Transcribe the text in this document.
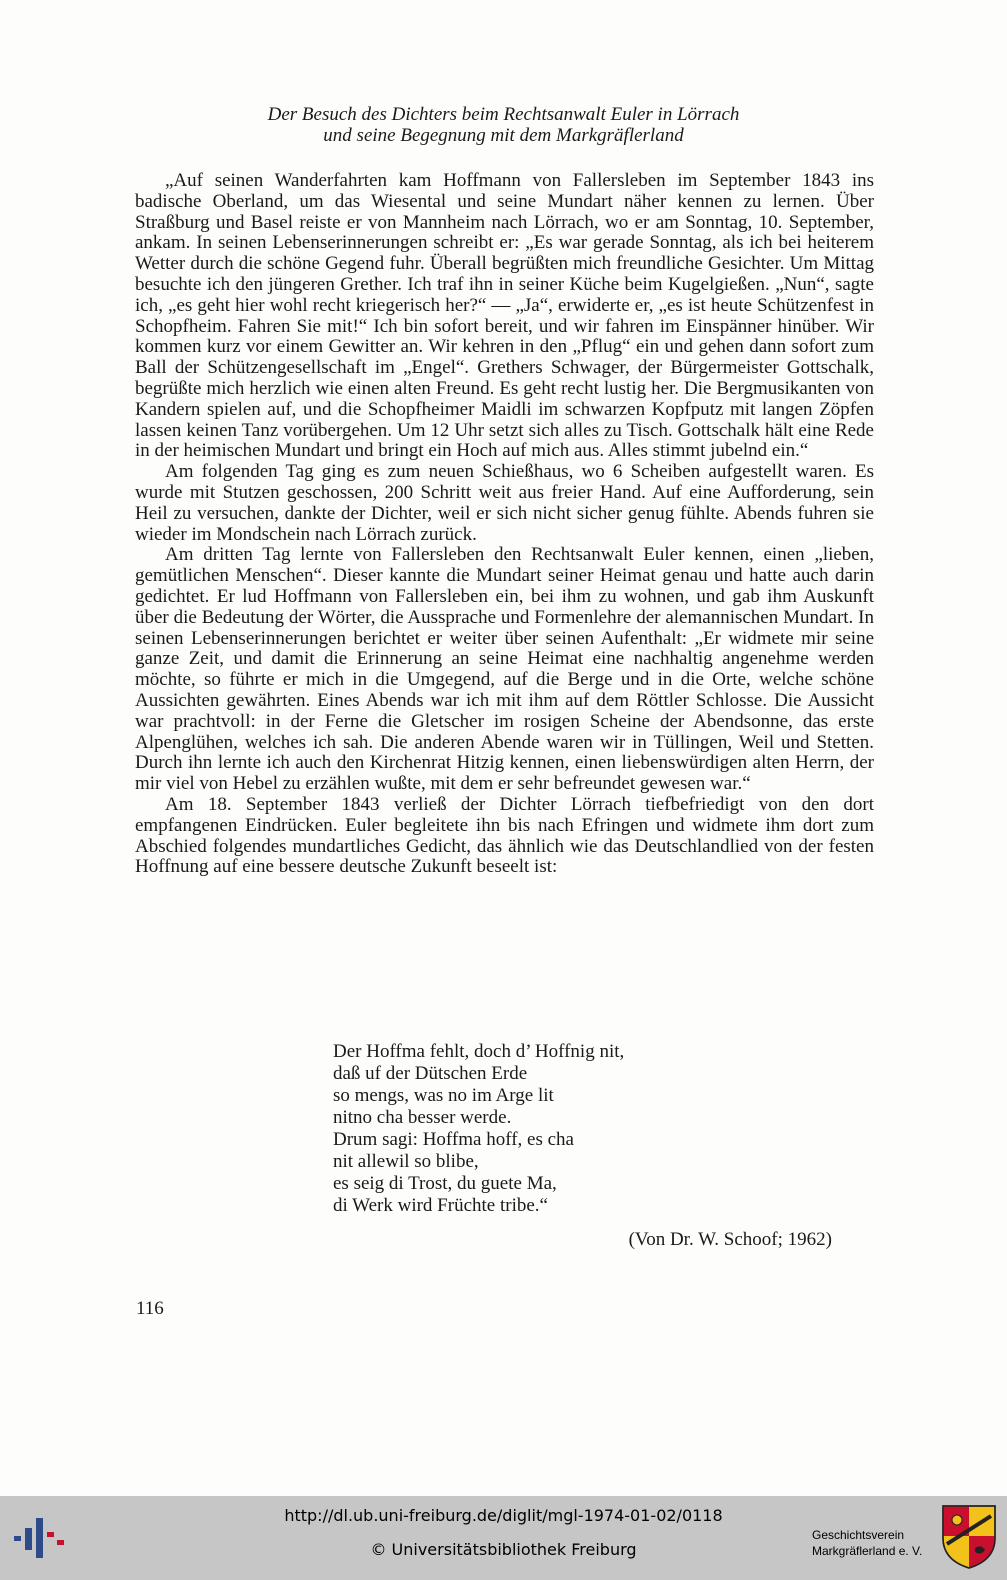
Der Besuch des Dichters beim Rechtsanwalt Euler in Lörrach
und seine Begegnung mit dem Markgräflerland

„Auf seinen Wanderfahrten kam Hoffmann von Fallersleben im September 1843 ins badische Oberland, um das Wiesental und seine Mundart näher kennen zu lernen. Über Straßburg und Basel reiste er von Mannheim nach Lörrach, wo er am Sonntag, 10. September, ankam. In seinen Lebenserinnerungen schreibt er: „Es war gerade Sonntag, als ich bei heiterem Wetter durch die schöne Gegend fuhr. Überall begrüßten mich freundliche Gesichter. Um Mittag besuchte ich den jüngeren Grether. Ich traf ihn in seiner Küche beim Kugelgießen. „Nun“, sagte ich, „es geht hier wohl recht kriegerisch her?“ — „Ja“, erwiderte er, „es ist heute Schützenfest in Schopfheim. Fahren Sie mit!“ Ich bin sofort bereit, und wir fahren im Einspänner hinüber. Wir kommen kurz vor einem Gewitter an. Wir kehren in den „Pflug“ ein und gehen dann sofort zum Ball der Schützengesellschaft im „Engel“. Grethers Schwager, der Bürgermeister Gottschalk, begrüßte mich herzlich wie einen alten Freund. Es geht recht lustig her. Die Bergmusikanten von Kandern spielen auf, und die Schopfheimer Maidli im schwarzen Kopfputz mit langen Zöpfen lassen keinen Tanz vorübergehen. Um 12 Uhr setzt sich alles zu Tisch. Gottschalk hält eine Rede in der heimischen Mundart und bringt ein Hoch auf mich aus. Alles stimmt jubelnd ein.“

Am folgenden Tag ging es zum neuen Schießhaus, wo 6 Scheiben aufgestellt waren. Es wurde mit Stutzen geschossen, 200 Schritt weit aus freier Hand. Auf eine Aufforderung, sein Heil zu versuchen, dankte der Dichter, weil er sich nicht sicher genug fühlte. Abends fuhren sie wieder im Mondschein nach Lörrach zurück.

Am dritten Tag lernte von Fallersleben den Rechtsanwalt Euler kennen, einen „lieben, gemütlichen Menschen“. Dieser kannte die Mundart seiner Heimat genau und hatte auch darin gedichtet. Er lud Hoffmann von Fallersleben ein, bei ihm zu wohnen, und gab ihm Auskunft über die Bedeutung der Wörter, die Aussprache und Formenlehre der alemannischen Mundart. In seinen Lebenserinnerungen berichtet er weiter über seinen Aufenthalt: „Er widmete mir seine ganze Zeit, und damit die Erinnerung an seine Heimat eine nachhaltig angenehme werden möchte, so führte er mich in die Umgegend, auf die Berge und in die Orte, welche schöne Aussichten gewährten. Eines Abends war ich mit ihm auf dem Röttler Schlosse. Die Aussicht war prachtvoll: in der Ferne die Gletscher im rosigen Scheine der Abendsonne, das erste Alpenglühen, welches ich sah. Die anderen Abende waren wir in Tüllingen, Weil und Stetten. Durch ihn lernte ich auch den Kirchenrat Hitzig kennen, einen liebenswürdigen alten Herrn, der mir viel von Hebel zu erzählen wußte, mit dem er sehr befreundet gewesen war.“

Am 18. September 1843 verließ der Dichter Lörrach tiefbefriedigt von den dort empfangenen Eindrücken. Euler begleitete ihn bis nach Efringen und widmete ihm dort zum Abschied folgendes mundartliches Gedicht, das ähnlich wie das Deutschlandlied von der festen Hoffnung auf eine bessere deutsche Zukunft beseelt ist:

Der Hoffma fehlt, doch d’ Hoffnig nit,
daß uf der Dütschen Erde
so mengs, was no im Arge lit
nitno cha besser werde.
Drum sagi: Hoffma hoff, es cha
nit allewil so blibe,
es seig di Trost, du guete Ma,
di Werk wird Früchte tribe.“
(Von Dr. W. Schoof; 1962)
116
http://dl.ub.uni-freiburg.de/diglit/mgl-1974-01-02/0118
© Universitätsbibliothek Freiburg
Geschichtsverein
Markgräflerland e. V.
